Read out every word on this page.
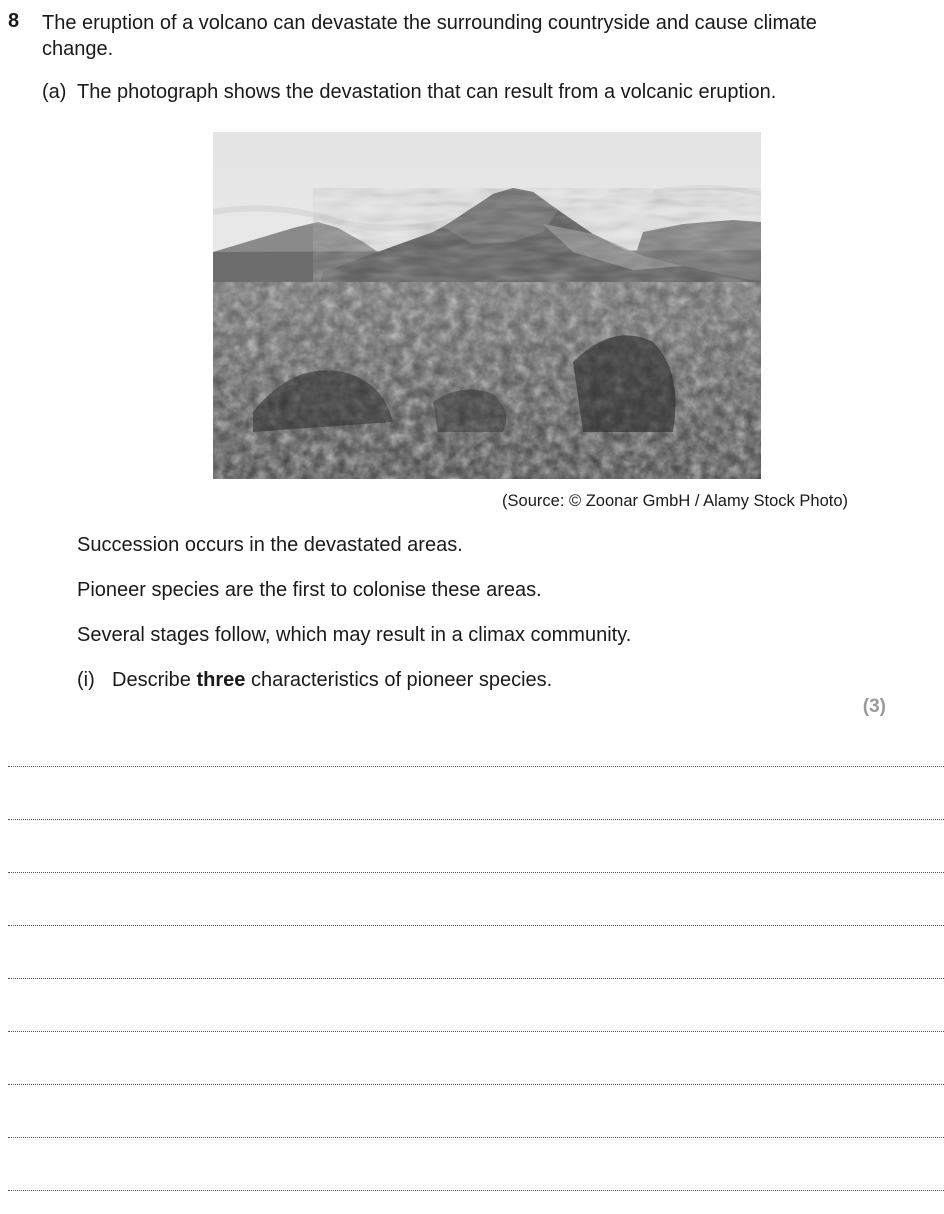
8 The eruption of a volcano can devastate the surrounding countryside and cause climate change.
(a) The photograph shows the devastation that can result from a volcanic eruption.
(Source: © Zoonar GmbH / Alamy Stock Photo)
Succession occurs in the devastated areas.
Pioneer species are the first to colonise these areas.
Several stages follow, which may result in a climax community.
(i) Describe three characteristics of pioneer species.
(3)
